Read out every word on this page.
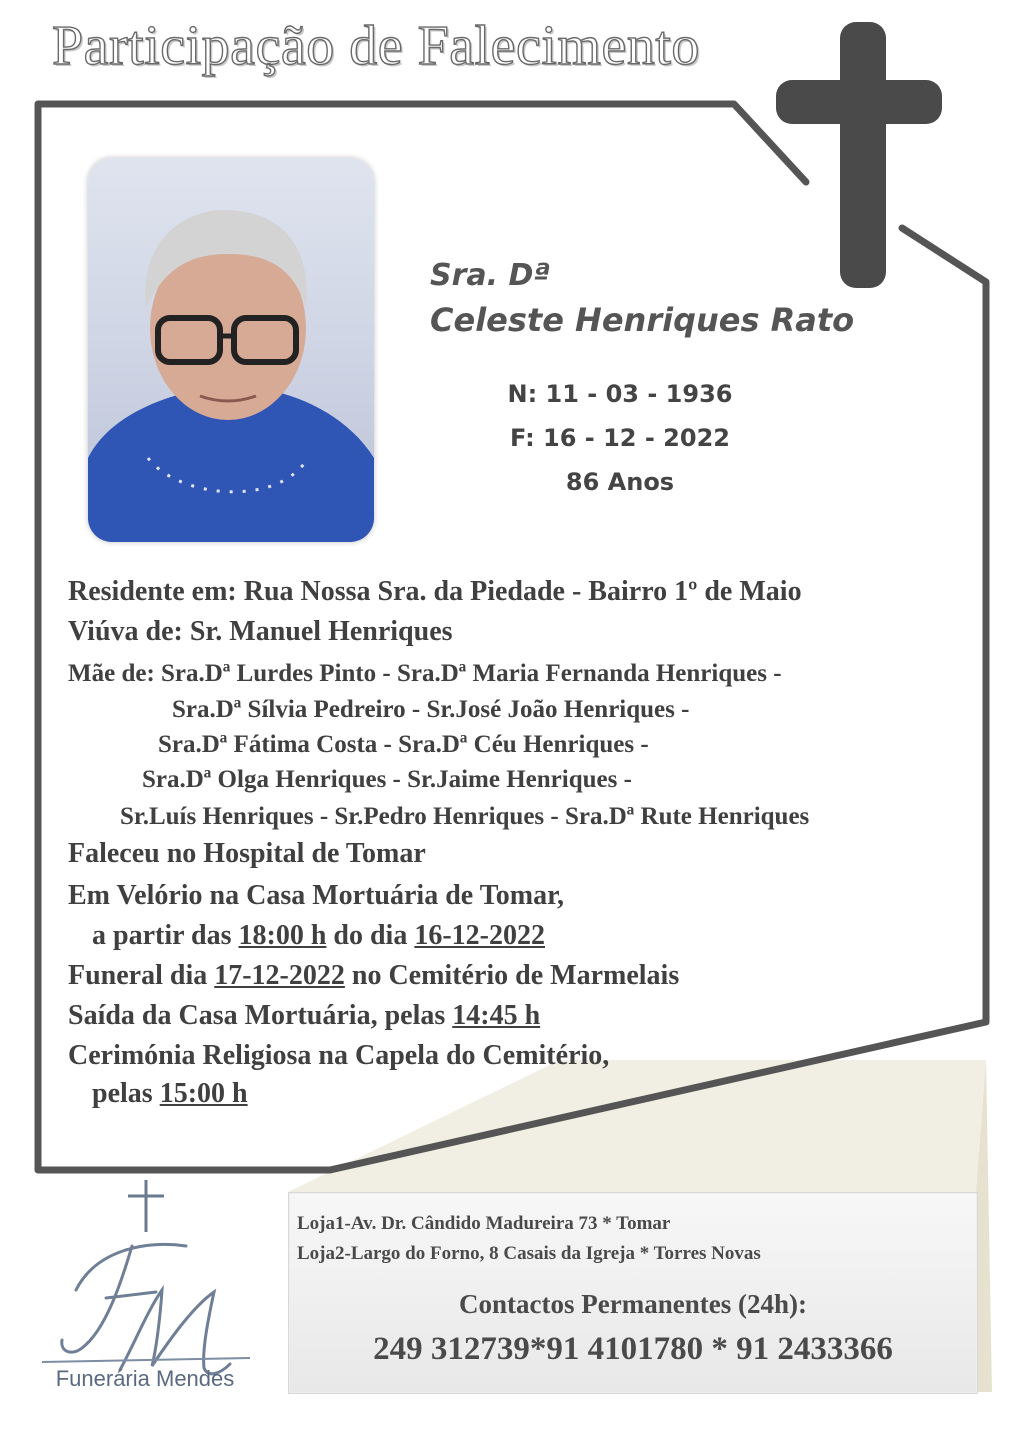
Participação de Falecimento
Sra. Dª
Celeste Henriques Rato
N: 11 - 03 - 1936
F: 16 - 12 - 2022
86 Anos
Residente em: Rua Nossa Sra. da Piedade - Bairro 1º de Maio
Viúva de: Sr. Manuel Henriques
Mãe de: Sra.Dª Lurdes Pinto - Sra.Dª Maria Fernanda Henriques -
Sra.Dª Sílvia Pedreiro - Sr.José João Henriques -
Sra.Dª Fátima Costa - Sra.Dª Céu Henriques -
Sra.Dª Olga Henriques - Sr.Jaime Henriques -
Sr.Luís Henriques - Sr.Pedro Henriques - Sra.Dª Rute Henriques
Faleceu no Hospital de Tomar
Em Velório na Casa Mortuária de Tomar,
a partir das 18:00 h do dia 16-12-2022
Funeral dia 17-12-2022 no Cemitério de Marmelais
Saída da Casa Mortuária, pelas 14:45 h
Cerimónia Religiosa na Capela do Cemitério,
pelas 15:00 h
Funerária Mendes
Loja1-Av. Dr. Cândido Madureira 73 * Tomar
Loja2-Largo do Forno, 8 Casais da Igreja * Torres Novas
Contactos Permanentes (24h):
249 312739*91 4101780 * 91 2433366
